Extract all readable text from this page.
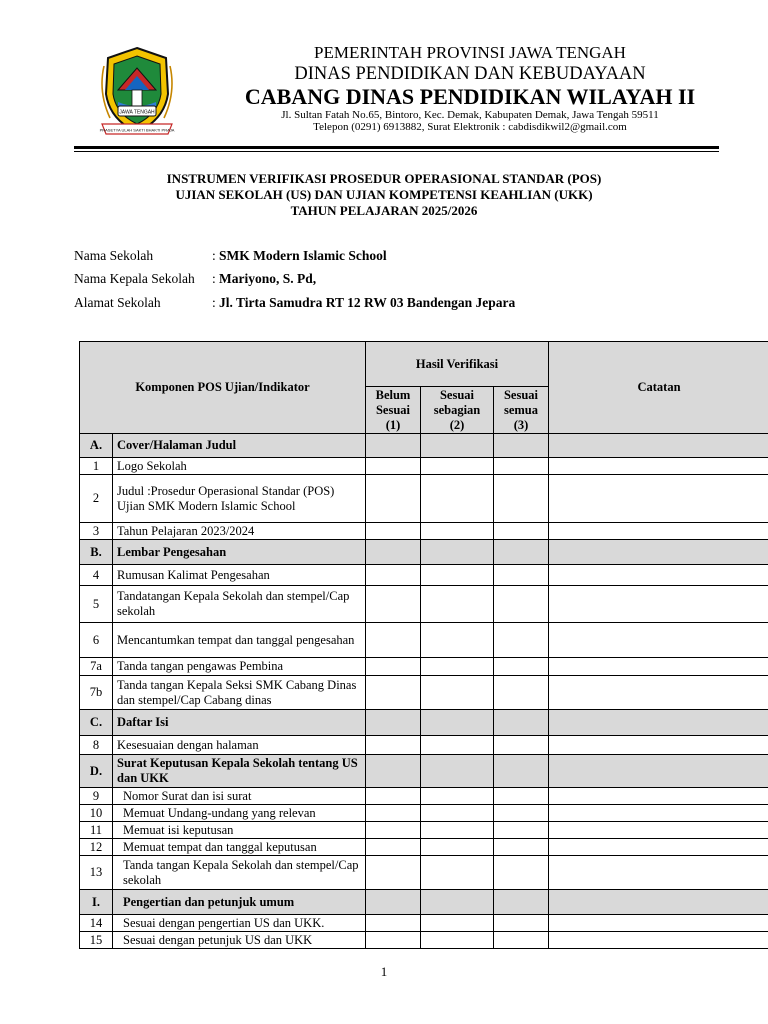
JAWA TENGAH
PRASETYA ULAH SAKTI BHAKTI PRAJA
PEMERINTAH PROVINSI JAWA TENGAH
DINAS PENDIDIKAN DAN KEBUDAYAAN
CABANG DINAS PENDIDIKAN WILAYAH II
Jl. Sultan Fatah No.65, Bintoro, Kec. Demak, Kabupaten Demak, Jawa Tengah 59511
Telepon (0291) 6913882, Surat Elektronik : cabdisdikwil2@gmail.com
INSTRUMEN VERIFIKASI PROSEDUR OPERASIONAL STANDAR (POS)
UJIAN SEKOLAH (US) DAN UJIAN KOMPETENSI KEAHLIAN (UKK)
TAHUN PELAJARAN 2025/2026
Nama Sekolah	: SMK Modern Islamic School
Nama Kepala Sekolah	: Mariyono, S. Pd,
Alamat Sekolah	: Jl. Tirta Samudra RT 12 RW 03 Bandengan Jepara
Komponen POS Ujian/Indikator		Hasil Verifikasi			Catatan
		Belum
Sesuai
(1)	Sesuai
sebagian
(2)	Sesuai
semua
(3)	
A.	Cover/Halaman Judul				
1	Logo Sekolah				
2	Judul :Prosedur Operasional Standar (POS) Ujian SMK Modern Islamic School				
3	Tahun Pelajaran 2023/2024				
B.	Lembar Pengesahan				
4	Rumusan Kalimat Pengesahan				
5	Tandatangan Kepala Sekolah dan stempel/Cap sekolah				
6	Mencantumkan tempat dan tanggal pengesahan				
7a	Tanda tangan pengawas Pembina				
7b	Tanda tangan Kepala Seksi SMK Cabang Dinas dan stempel/Cap Cabang dinas				
C.	Daftar Isi				
8	Kesesuaian dengan halaman				
D.	Surat Keputusan Kepala Sekolah tentang US dan UKK				
9	Nomor Surat dan isi surat				
10	Memuat Undang-undang yang relevan				
11	Memuat isi keputusan				
12	Memuat tempat dan tanggal keputusan				
13	Tanda tangan Kepala Sekolah dan stempel/Cap sekolah				
I.	Pengertian dan petunjuk umum				
14	Sesuai dengan pengertian US dan UKK.				
15	Sesuai dengan petunjuk US dan UKK				
1
